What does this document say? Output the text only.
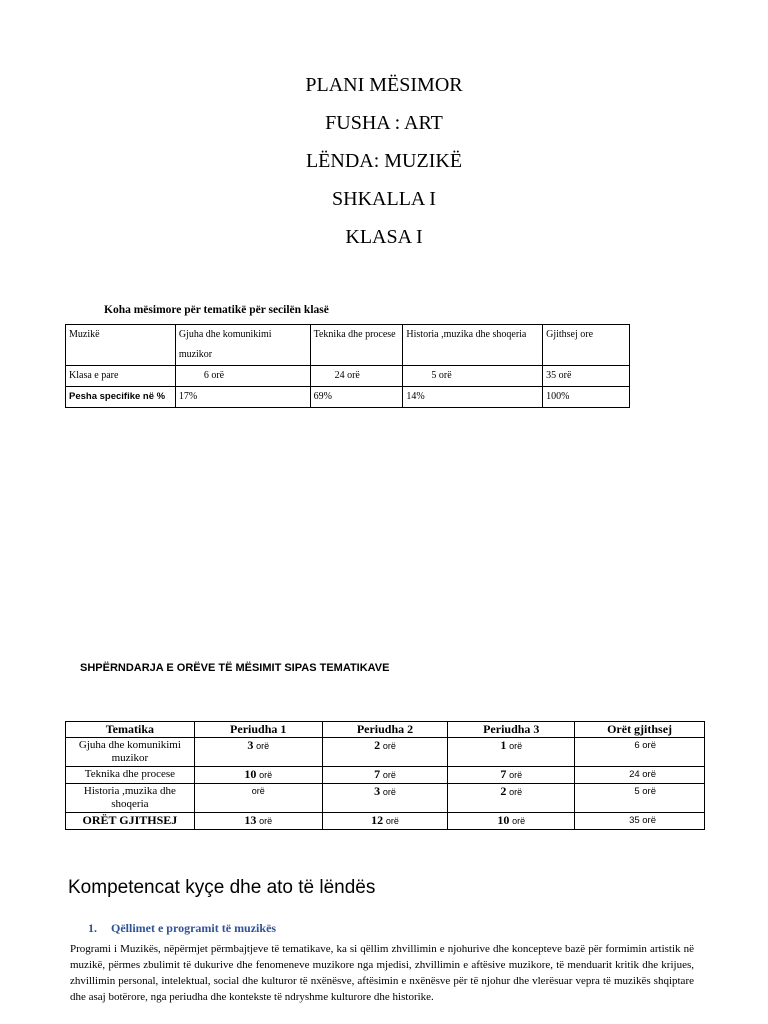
PLANI MËSIMOR
FUSHA : ART
LËNDA: MUZIKË
SHKALLA I
KLASA I
Koha mësimore për tematikë për secilën klasë
Muzikë	Gjuha dhe komunikimi muzikor	Teknika dhe procese	Historia ,muzika dhe shoqeria	Gjithsej ore
Klasa e pare	6 orë	24 orë	5 orë	35 orë
Pesha specifike në %	17%	69%	14%	100%
SHPËRNDARJA E ORËVE TË MËSIMIT SIPAS TEMATIKAVE
Tematika	Periudha 1	Periudha 2	Periudha 3	Orët gjithsej
Gjuha dhe komunikimi muzikor	3 orë	2 orë	1 orë	6 orë
Teknika dhe procese	10 orë	7 orë	7 orë	24 orë
Historia ,muzika dhe shoqeria	orë	3 orë	2 orë	5 orë
ORËT GJITHSEJ	13 orë	12 orë	10 orë	35 orë
Kompetencat kyçe dhe ato të lëndës
1. Qëllimet e programit të muzikës
Programi i Muzikës, nëpërmjet përmbajtjeve të tematikave, ka si qëllim zhvillimin e njohurive dhe koncepteve bazë për formimin artistik në muzikë, përmes zbulimit të dukurive dhe fenomeneve muzikore nga mjedisi, zhvillimin e aftësive muzikore, të menduarit kritik dhe krijues, zhvillimin personal, intelektual, social dhe kulturor të nxënësve, aftësimin e nxënësve për të njohur dhe vlerësuar vepra të muzikës shqiptare dhe asaj botërore, nga periudha dhe kontekste të ndryshme kulturore dhe historike.
